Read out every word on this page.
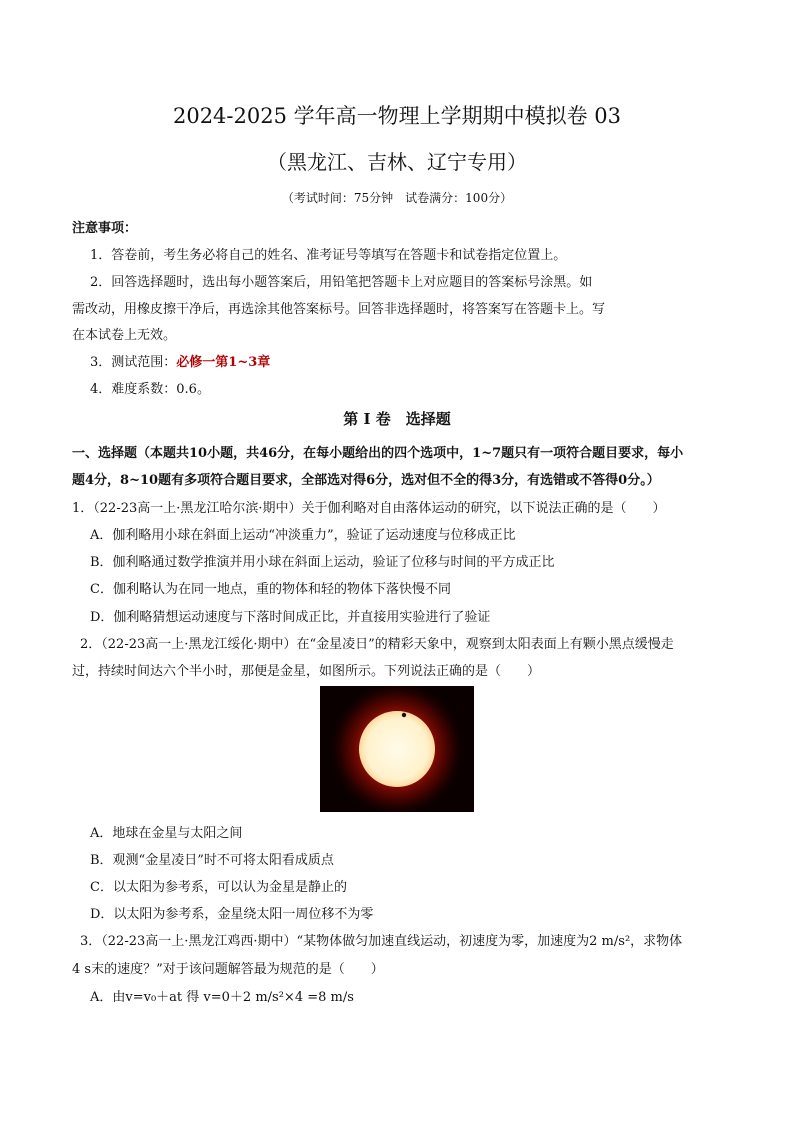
2024-2025 学年高一物理上学期期中模拟卷 03
（黑龙江、吉林、辽宁专用）
（考试时间：75分钟　试卷满分：100分）
注意事项：
1．答卷前，考生务必将自己的姓名、准考证号等填写在答题卡和试卷指定位置上。
2．回答选择题时，选出每小题答案后，用铅笔把答题卡上对应题目的答案标号涂黑。如
需改动，用橡皮擦干净后，再选涂其他答案标号。回答非选择题时，将答案写在答题卡上。写
在本试卷上无效。
3．测试范围：必修一第1~3章
4．难度系数：0.6。
第 I 卷　选择题
一、选择题（本题共10小题，共46分，在每小题给出的四个选项中，1~7题只有一项符合题目要求，每小
题4分，8~10题有多项符合题目要求，全部选对得6分，选对但不全的得3分，有选错或不答得0分。）
1．（22-23高一上·黑龙江哈尔滨·期中）关于伽利略对自由落体运动的研究，以下说法正确的是（　　）
A．伽利略用小球在斜面上运动“冲淡重力”，验证了运动速度与位移成正比
B．伽利略通过数学推演并用小球在斜面上运动，验证了位移与时间的平方成正比
C．伽利略认为在同一地点，重的物体和轻的物体下落快慢不同
D．伽利略猜想运动速度与下落时间成正比，并直接用实验进行了验证
2．（22-23高一上·黑龙江绥化·期中）在“金星凌日”的精彩天象中，观察到太阳表面上有颗小黑点缓慢走
过，持续时间达六个半小时，那便是金星，如图所示。下列说法正确的是（　　）
A．地球在金星与太阳之间
B．观测“金星凌日”时不可将太阳看成质点
C．以太阳为参考系，可以认为金星是静止的
D．以太阳为参考系，金星绕太阳一周位移不为零
3．（22-23高一上·黑龙江鸡西·期中）“某物体做匀加速直线运动，初速度为零，加速度为2 m/s²，求物体
4 s末的速度？”对于该问题解答最为规范的是（　　）
A．由v=v₀＋at 得 v=0＋2 m/s²×4 =8 m/s
